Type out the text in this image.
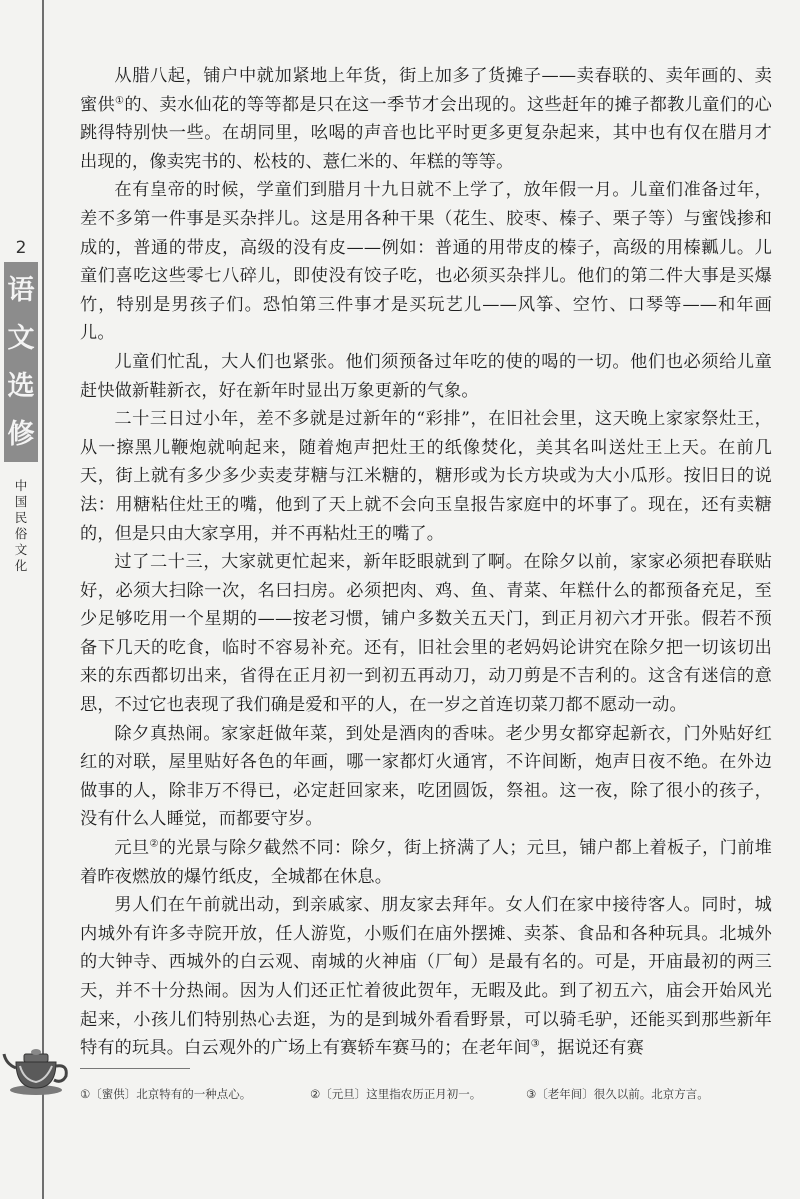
2
语
文
选
修
中
国
民
俗
文
化

从腊八起，铺户中就加紧地上年货，街上加多了货摊子——卖春联的、卖年画的、卖蜜供①的、卖水仙花的等等都是只在这一季节才会出现的。这些赶年的摊子都教儿童们的心跳得特别快一些。在胡同里，吆喝的声音也比平时更多更复杂起来，其中也有仅在腊月才出现的，像卖宪书的、松枝的、薏仁米的、年糕的等等。

在有皇帝的时候，学童们到腊月十九日就不上学了，放年假一月。儿童们准备过年，差不多第一件事是买杂拌儿。这是用各种干果（花生、胶枣、榛子、栗子等）与蜜饯掺和成的，普通的带皮，高级的没有皮——例如：普通的用带皮的榛子，高级的用榛瓤儿。儿童们喜吃这些零七八碎儿，即使没有饺子吃，也必须买杂拌儿。他们的第二件大事是买爆竹，特别是男孩子们。恐怕第三件事才是买玩艺儿——风筝、空竹、口琴等——和年画儿。

儿童们忙乱，大人们也紧张。他们须预备过年吃的使的喝的一切。他们也必须给儿童赶快做新鞋新衣，好在新年时显出万象更新的气象。

二十三日过小年，差不多就是过新年的“彩排”，在旧社会里，这天晚上家家祭灶王，从一擦黑儿鞭炮就响起来，随着炮声把灶王的纸像焚化，美其名叫送灶王上天。在前几天，街上就有多少多少卖麦芽糖与江米糖的，糖形或为长方块或为大小瓜形。按旧日的说法：用糖粘住灶王的嘴，他到了天上就不会向玉皇报告家庭中的坏事了。现在，还有卖糖的，但是只由大家享用，并不再粘灶王的嘴了。

过了二十三，大家就更忙起来，新年眨眼就到了啊。在除夕以前，家家必须把春联贴好，必须大扫除一次，名曰扫房。必须把肉、鸡、鱼、青菜、年糕什么的都预备充足，至少足够吃用一个星期的——按老习惯，铺户多数关五天门，到正月初六才开张。假若不预备下几天的吃食，临时不容易补充。还有，旧社会里的老妈妈论讲究在除夕把一切该切出来的东西都切出来，省得在正月初一到初五再动刀，动刀剪是不吉利的。这含有迷信的意思，不过它也表现了我们确是爱和平的人，在一岁之首连切菜刀都不愿动一动。

除夕真热闹。家家赶做年菜，到处是酒肉的香味。老少男女都穿起新衣，门外贴好红红的对联，屋里贴好各色的年画，哪一家都灯火通宵，不许间断，炮声日夜不绝。在外边做事的人，除非万不得已，必定赶回家来，吃团圆饭，祭祖。这一夜，除了很小的孩子，没有什么人睡觉，而都要守岁。

元旦②的光景与除夕截然不同：除夕，街上挤满了人；元旦，铺户都上着板子，门前堆着昨夜燃放的爆竹纸皮，全城都在休息。

男人们在午前就出动，到亲戚家、朋友家去拜年。女人们在家中接待客人。同时，城内城外有许多寺院开放，任人游览，小贩们在庙外摆摊、卖茶、食品和各种玩具。北城外的大钟寺、西城外的白云观、南城的火神庙（厂甸）是最有名的。可是，开庙最初的两三天，并不十分热闹。因为人们还正忙着彼此贺年，无暇及此。到了初五六，庙会开始风光起来，小孩儿们特别热心去逛，为的是到城外看看野景，可以骑毛驴，还能买到那些新年特有的玩具。白云观外的广场上有赛轿车赛马的；在老年间③，据说还有赛

①〔蜜供〕北京特有的一种点心。	②〔元旦〕这里指农历正月初一。	③〔老年间〕很久以前。北京方言。
